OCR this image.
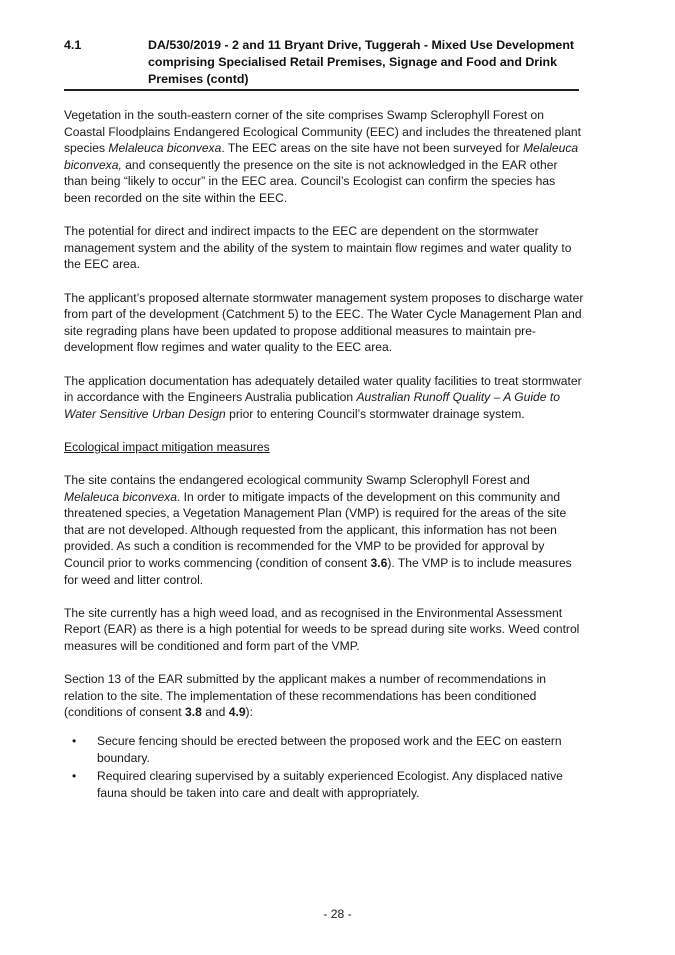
4.1	DA/530/2019 - 2 and 11 Bryant Drive, Tuggerah - Mixed Use Development comprising Specialised Retail Premises, Signage and Food and Drink Premises (contd)

Vegetation in the south-eastern corner of the site comprises Swamp Sclerophyll Forest on Coastal Floodplains Endangered Ecological Community (EEC) and includes the threatened plant species Melaleuca biconvexa. The EEC areas on the site have not been surveyed for Melaleuca biconvexa, and consequently the presence on the site is not acknowledged in the EAR other than being “likely to occur” in the EEC area. Council’s Ecologist can confirm the species has been recorded on the site within the EEC.

The potential for direct and indirect impacts to the EEC are dependent on the stormwater management system and the ability of the system to maintain flow regimes and water quality to the EEC area.

The applicant’s proposed alternate stormwater management system proposes to discharge water from part of the development (Catchment 5) to the EEC. The Water Cycle Management Plan and site regrading plans have been updated to propose additional measures to maintain pre-development flow regimes and water quality to the EEC area.

The application documentation has adequately detailed water quality facilities to treat stormwater in accordance with the Engineers Australia publication Australian Runoff Quality – A Guide to Water Sensitive Urban Design prior to entering Council’s stormwater drainage system.

Ecological impact mitigation measures

The site contains the endangered ecological community Swamp Sclerophyll Forest and Melaleuca biconvexa. In order to mitigate impacts of the development on this community and threatened species, a Vegetation Management Plan (VMP) is required for the areas of the site that are not developed. Although requested from the applicant, this information has not been provided. As such a condition is recommended for the VMP to be provided for approval by Council prior to works commencing (condition of consent 3.6). The VMP is to include measures for weed and litter control.

The site currently has a high weed load, and as recognised in the Environmental Assessment Report (EAR) as there is a high potential for weeds to be spread during site works. Weed control measures will be conditioned and form part of the VMP.

Section 13 of the EAR submitted by the applicant makes a number of recommendations in relation to the site. The implementation of these recommendations has been conditioned (conditions of consent 3.8 and 4.9):

• Secure fencing should be erected between the proposed work and the EEC on eastern boundary.
• Required clearing supervised by a suitably experienced Ecologist. Any displaced native fauna should be taken into care and dealt with appropriately.
- 28 -
